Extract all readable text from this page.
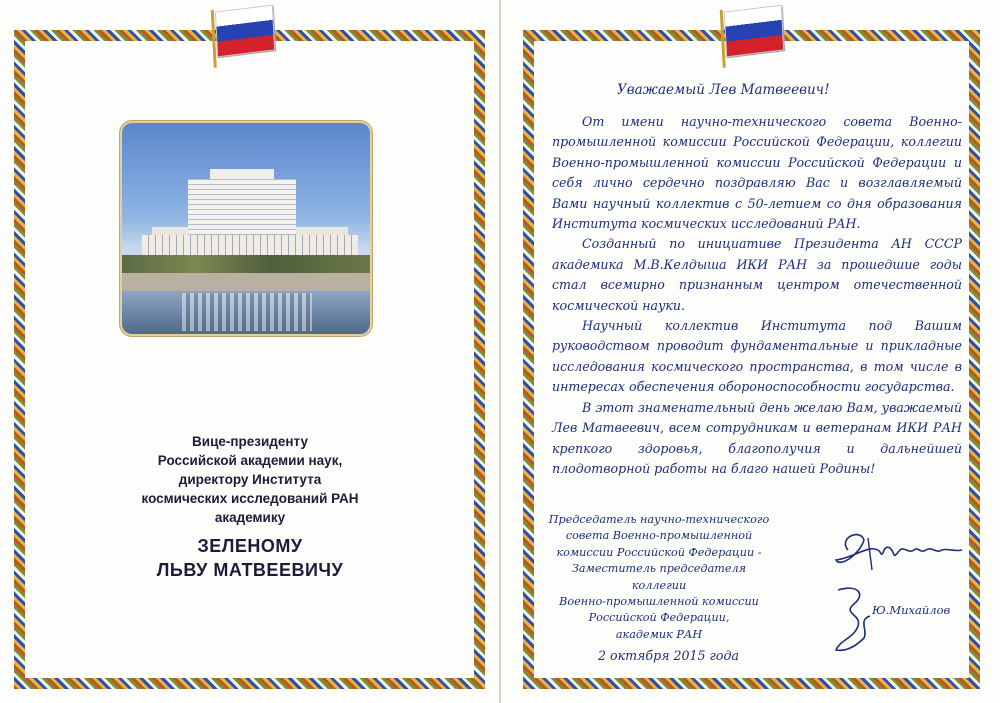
Вице-президенту
Российской академии наук,
директору Института
космических исследований РАН
академику
ЗЕЛЕНОМУ
ЛЬВУ МАТВЕЕВИЧУ
Уважаемый Лев Матвеевич!

От имени научно-технического совета Военно-промышленной комиссии Российской Федерации, коллегии Военно-промышленной комиссии Российской Федерации и себя лично сердечно поздравляю Вас и возглавляемый Вами научный коллектив с 50-летием со дня образования Института космических исследований РАН.

Созданный по инициативе Президента АН СССР академика М.В.Келдыша ИКИ РАН за прошедшие годы стал всемирно признанным центром отечественной космической науки.

Научный коллектив Института под Вашим руководством проводит фундаментальные и прикладные исследования космического пространства, в том числе в интересах обеспечения обороноспособности государства.

В этот знаменательный день желаю Вам, уважаемый Лев Матвеевич, всем сотрудникам и ветеранам ИКИ РАН крепкого здоровья, благополучия и дальнейшей плодотворной работы на благо нашей Родины!

Председатель научно-технического
совета Военно-промышленной
комиссии Российской Федерации -
Заместитель председателя коллегии
Военно-промышленной комиссии
Российской Федерации,
академик РАН
Ю.Михайлов
2 октября 2015 года
